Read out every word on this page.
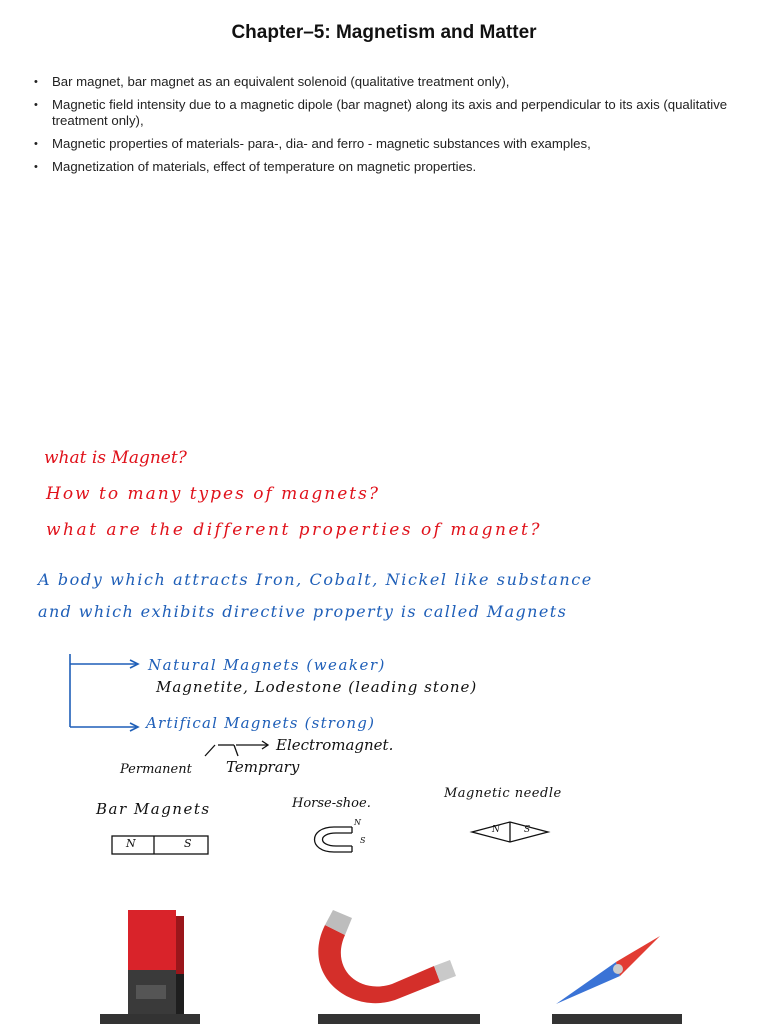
Chapter–5: Magnetism and Matter
• Bar magnet, bar magnet as an equivalent solenoid (qualitative treatment only),
• Magnetic field intensity due to a magnetic dipole (bar magnet) along its axis and perpendicular to its axis (qualitative treatment only),
• Magnetic properties of materials- para-, dia- and ferro - magnetic substances with examples,
• Magnetization of materials, effect of temperature on magnetic properties.
what is Magnet?
How to many types of magnets?
what are the different properties of magnet?
A body which attracts Iron, Cobalt, Nickel like substance
and which exhibits directive property is called Magnets
Natural Magnets (weaker)
Magnetite, Lodestone (leading stone)
Artifical Magnets (strong)
Electromagnet.
Permanent Temprary
Bar Magnets	Horse-shoe.
Magnetic needle
N	S
N
S
N	S
